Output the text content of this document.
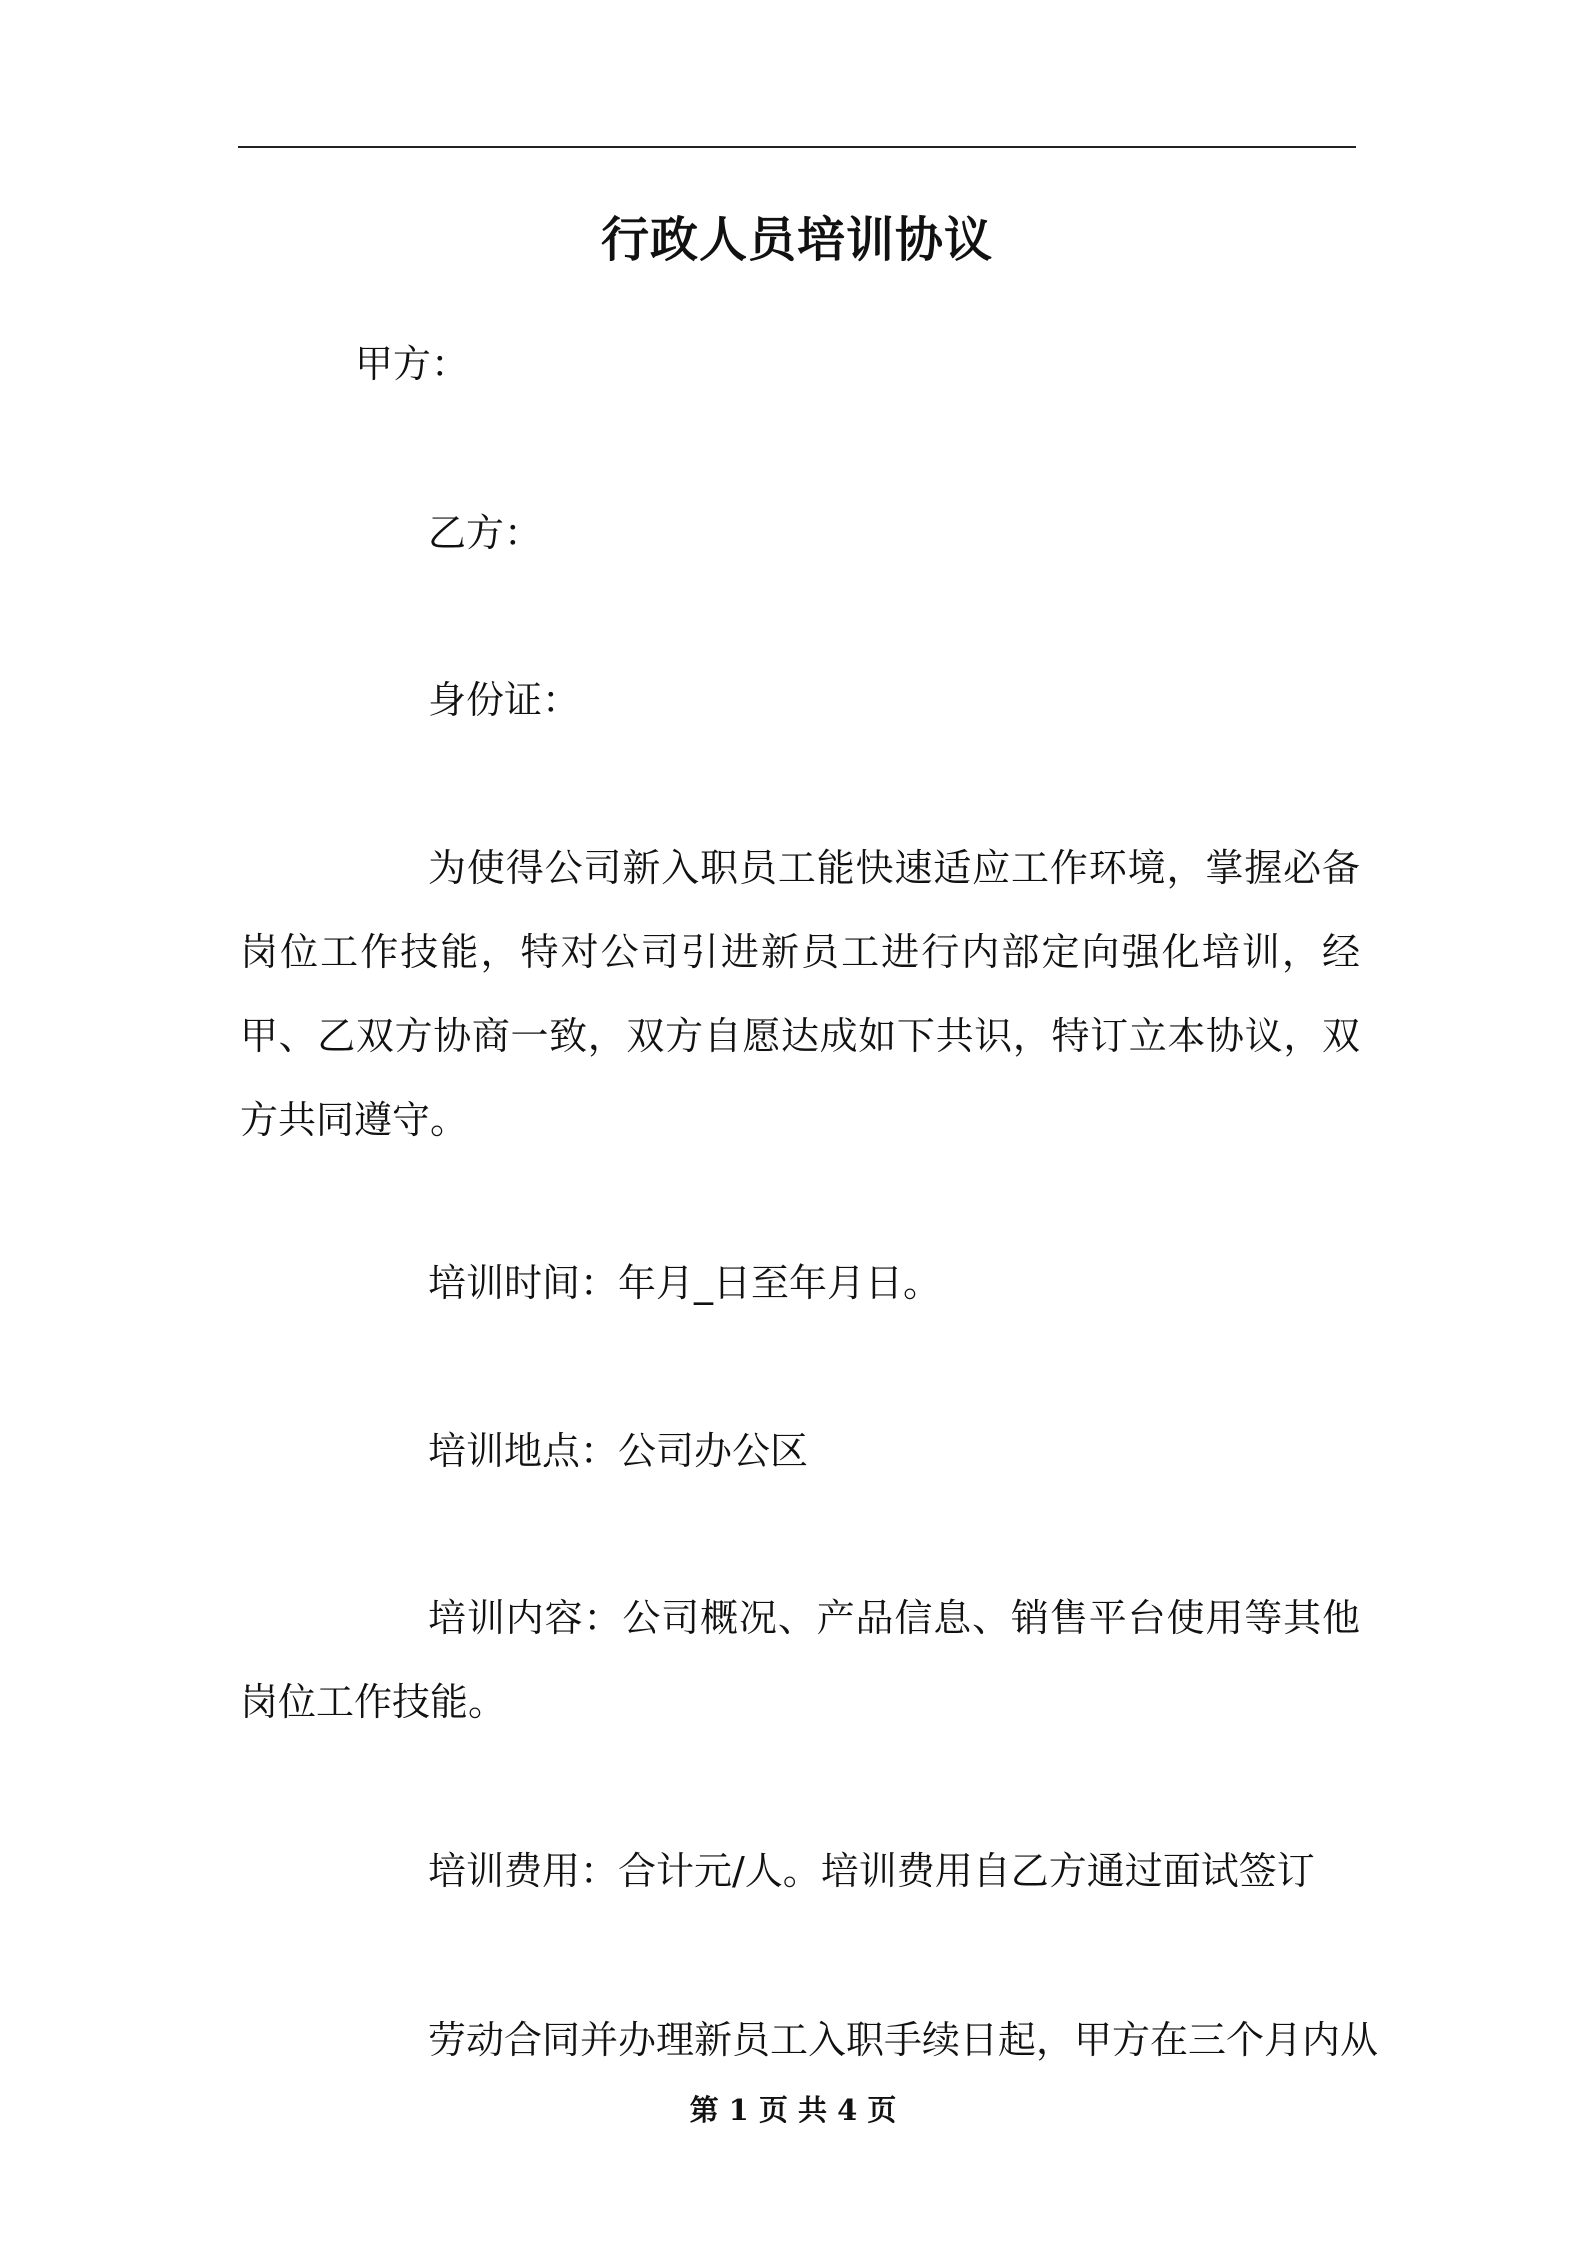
行政人员培训协议

甲方：

乙方：

身份证：

为使得公司新入职员工能快速适应工作环境，掌握必备岗位工作技能，特对公司引进新员工进行内部定向强化培训，经甲、乙双方协商一致，双方自愿达成如下共识，特订立本协议，双方共同遵守。

培训时间：年月_日至年月日。

培训地点：公司办公区

培训内容：公司概况、产品信息、销售平台使用等其他岗位工作技能。

培训费用：合计元/人。培训费用自乙方通过面试签订

劳动合同并办理新员工入职手续日起，甲方在三个月内从

第 1 页 共 4 页
